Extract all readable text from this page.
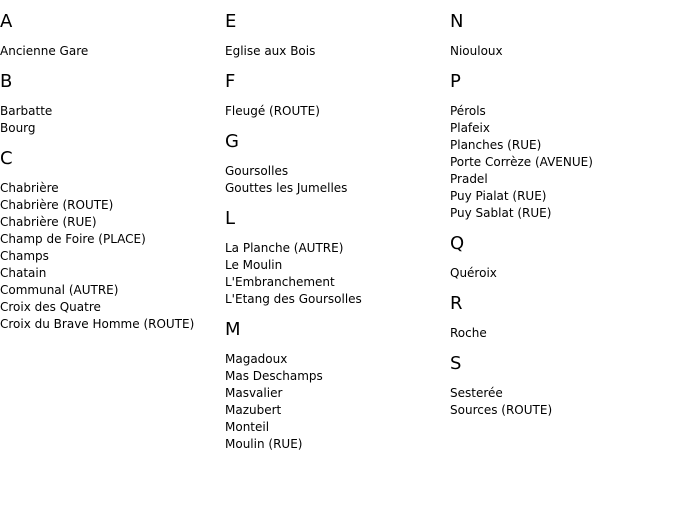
A
Ancienne Gare
B
Barbatte
Bourg
C
Chabrière
Chabrière (ROUTE)
Chabrière (RUE)
Champ de Foire (PLACE)
Champs
Chatain
Communal (AUTRE)
Croix des Quatre
Croix du Brave Homme (ROUTE)
E
Eglise aux Bois
F
Fleugé (ROUTE)
G
Goursolles
Gouttes les Jumelles
L
La Planche (AUTRE)
Le Moulin
L'Embranchement
L'Etang des Goursolles
M
Magadoux
Mas Deschamps
Masvalier
Mazubert
Monteil
Moulin (RUE)
N
Nioulоux
P
Pérols
Plafeix
Planches (RUE)
Porte Corrèze (AVENUE)
Pradel
Puy Pialat (RUE)
Puy Sablat (RUE)
Q
Quéroix
R
Roche
S
Sesterée
Sources (ROUTE)
